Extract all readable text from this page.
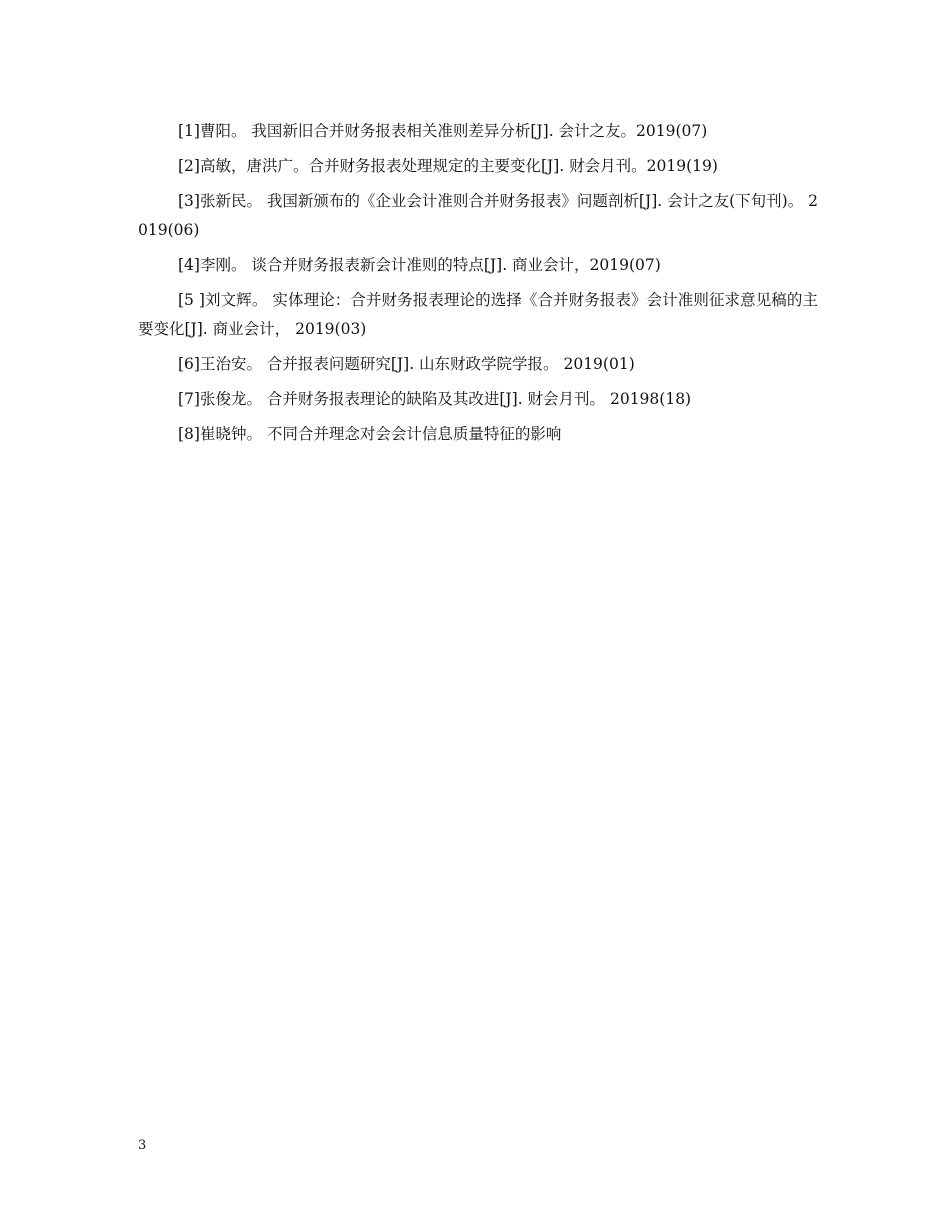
[1]曹阳。 我国新旧合并财务报表相关准则差异分析[J]. 会计之友。2019(07)
[2]高敏，唐洪广。合并财务报表处理规定的主要变化[J]. 财会月刊。2019(19)
[3]张新民。 我国新颁布的《企业会计准则合并财务报表》问题剖析[J]. 会计之友(下旬刊)。 2019(06)
[4]李刚。 谈合并财务报表新会计准则的特点[J]. 商业会计，2019(07)
[5 ]刘文辉。 实体理论：合并财务报表理论的选择《合并财务报表》会计准则征求意见稿的主要变化[J]. 商业会计， 2019(03)
[6]王治安。 合并报表问题研究[J]. 山东财政学院学报。 2019(01)
[7]张俊龙。 合并财务报表理论的缺陷及其改进[J]. 财会月刊。 20198(18)
[8]崔晓钟。 不同合并理念对会会计信息质量特征的影响
3
